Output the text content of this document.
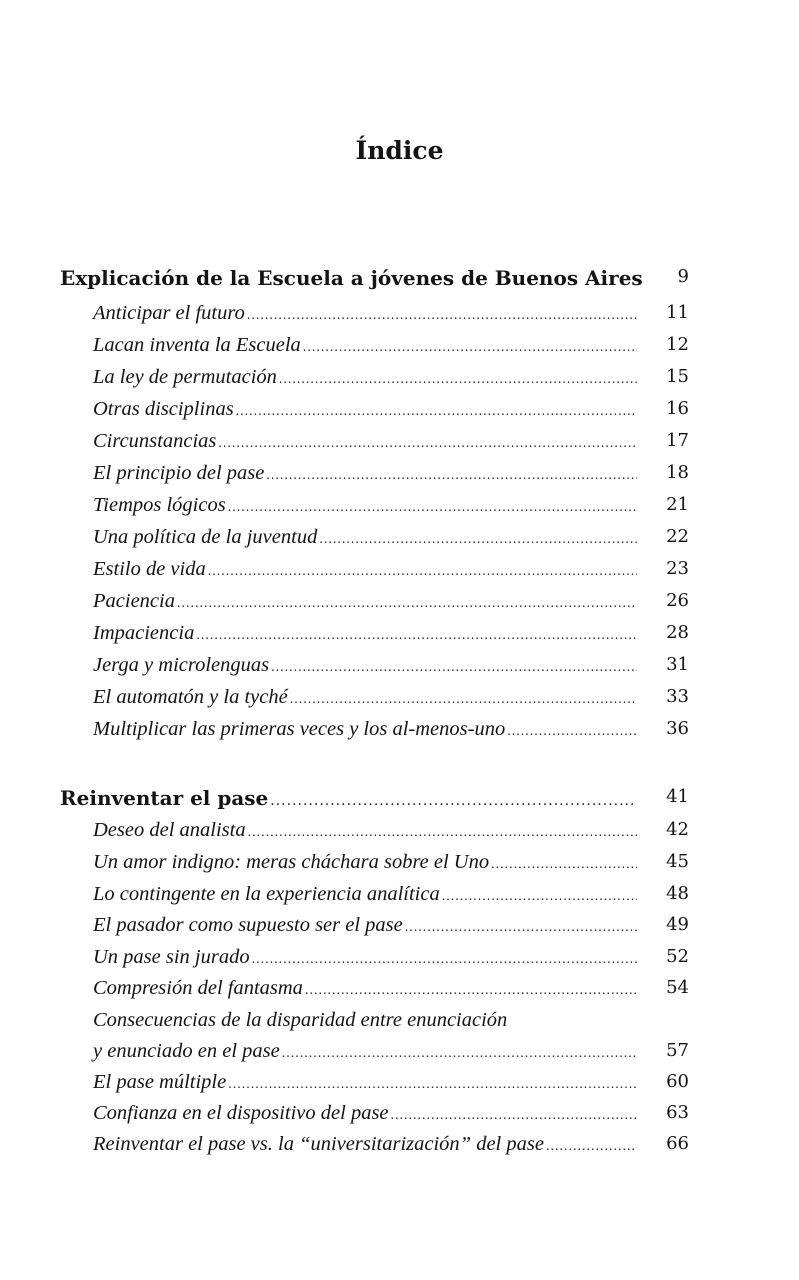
Índice
Explicación de la Escuela a jóvenes de Buenos Aires	9
Anticipar el futuro .....	11
Lacan inventa la Escuela .....	12
La ley de permutación .....	15
Otras disciplinas .....	16
Circunstancias .....	17
El principio del pase .....	18
Tiempos lógicos .....	21
Una política de la juventud .....	22
Estilo de vida .....	23
Paciencia .....	26
Impaciencia .....	28
Jerga y microlenguas .....	31
El automatón y la tyché .....	33
Multiplicar las primeras veces y los al-menos-uno .....	36
Reinventar el pase .....	41
Deseo del analista .....	42
Un amor indigno: meras cháchara sobre el Uno .....	45
Lo contingente en la experiencia analítica .....	48
El pasador como supuesto ser el pase .....	49
Un pase sin jurado .....	52
Compresión del fantasma .....	54
Consecuencias de la disparidad entre enunciación
y enunciado en el pase .....	57
El pase múltiple .....	60
Confianza en el dispositivo del pase .....	63
Reinventar el pase vs. la “universitarización” del pase .....	66
